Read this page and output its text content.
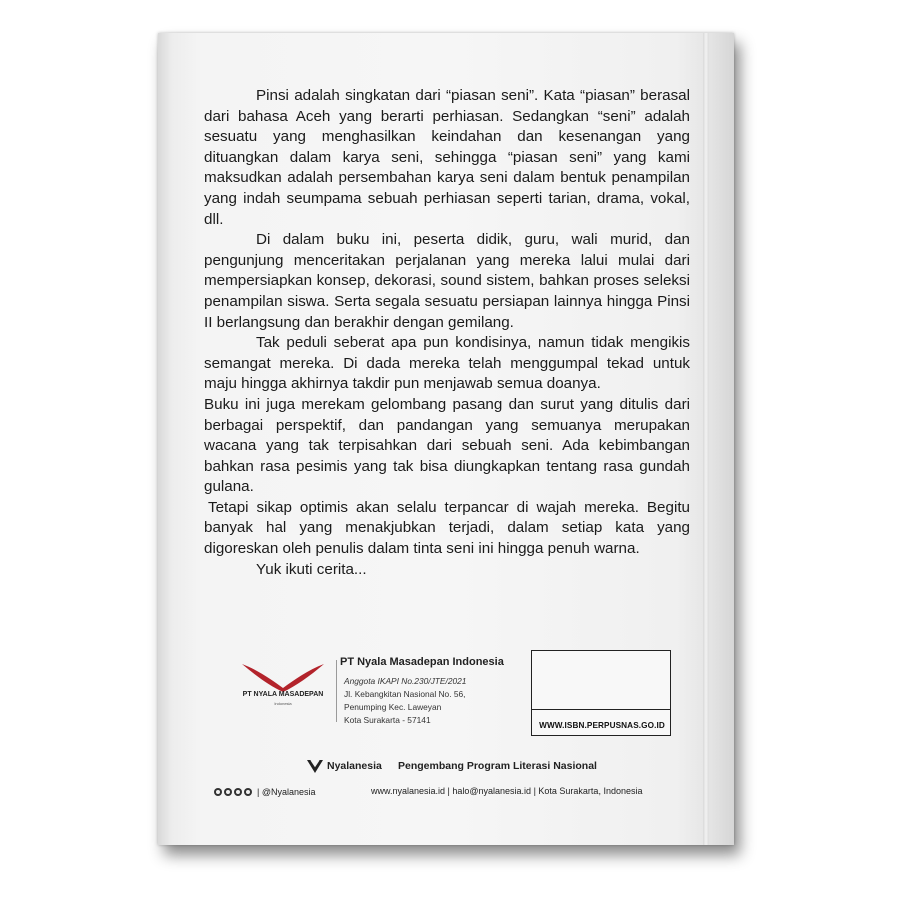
Pinsi adalah singkatan dari “piasan seni”. Kata “piasan” berasal dari bahasa Aceh yang berarti perhiasan. Sedangkan “seni” adalah sesuatu yang menghasilkan keindahan dan kesenangan yang dituangkan dalam karya seni, sehingga “piasan seni” yang kami maksudkan adalah persembahan karya seni dalam bentuk penampilan yang indah seumpama sebuah perhiasan seperti tarian, drama, vokal, dll.

Di dalam buku ini, peserta didik, guru, wali murid, dan pengunjung menceritakan perjalanan yang mereka lalui mulai dari mempersiapkan konsep, dekorasi, sound sistem, bahkan proses seleksi penampilan siswa. Serta segala sesuatu persiapan lainnya hingga Pinsi II berlangsung dan berakhir dengan gemilang.

Tak peduli seberat apa pun kondisinya, namun tidak mengikis semangat mereka. Di dada mereka telah menggumpal tekad untuk maju hingga akhirnya takdir pun menjawab semua doanya.

Buku ini juga merekam gelombang pasang dan surut yang ditulis dari berbagai perspektif, dan pandangan yang semuanya merupakan wacana yang tak terpisahkan dari sebuah seni. Ada kebimbangan bahkan rasa pesimis yang tak bisa diungkapkan tentang rasa gundah gulana.

Tetapi sikap optimis akan selalu terpancar di wajah mereka. Begitu banyak hal yang menakjubkan terjadi, dalam setiap kata yang digoreskan oleh penulis dalam tinta seni ini hingga penuh warna.

Yuk ikuti cerita...

PT NYALA MASADEPAN
Indonesia
PT Nyala Masadepan Indonesia
Anggota IKAPI No.230/JTE/2021
Jl. Kebangkitan Nasional No. 56,
Penumping Kec. Laweyan
Kota Surakarta - 57141
WWW.ISBN.PERPUSNAS.GO.ID
Nyalanesia Pengembang Program Literasi Nasional
| @Nyalanesia	www.nyalanesia.id | halo@nyalanesia.id | Kota Surakarta, Indonesia
